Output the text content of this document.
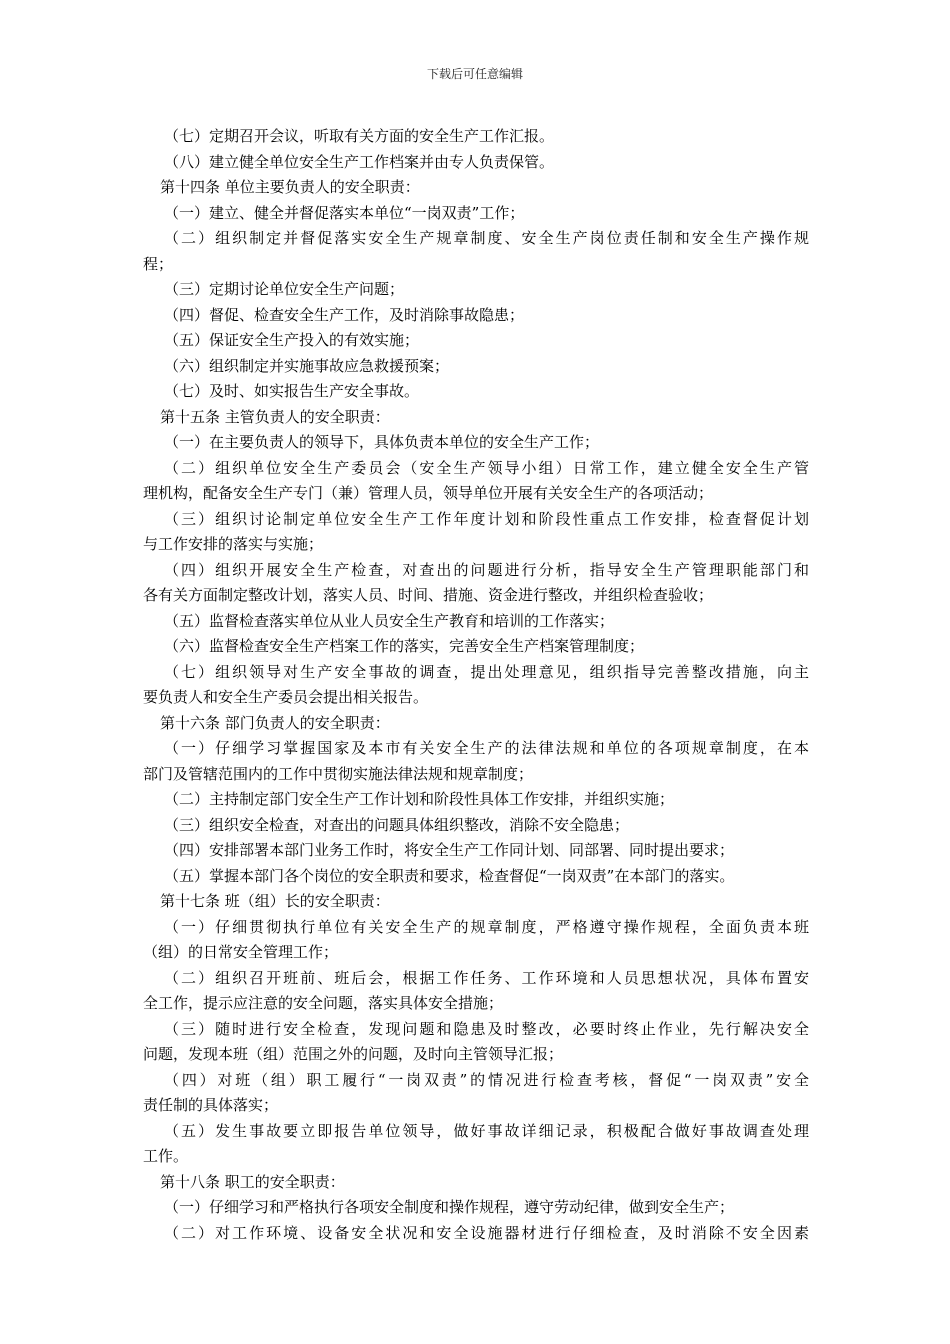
下载后可任意编辑
（七）定期召开会议，听取有关方面的安全生产工作汇报。
（八）建立健全单位安全生产工作档案并由专人负责保管。
第十四条 单位主要负责人的安全职责：
（一）建立、健全并督促落实本单位“一岗双责”工作；
（二）组织制定并督促落实安全生产规章制度、安全生产岗位责任制和安全生产操作规
程；
（三）定期讨论单位安全生产问题；
（四）督促、检查安全生产工作，及时消除事故隐患；
（五）保证安全生产投入的有效实施；
（六）组织制定并实施事故应急救援预案；
（七）及时、如实报告生产安全事故。
第十五条 主管负责人的安全职责：
（一）在主要负责人的领导下，具体负责本单位的安全生产工作；
（二）组织单位安全生产委员会（安全生产领导小组）日常工作，建立健全安全生产管
理机构，配备安全生产专门（兼）管理人员，领导单位开展有关安全生产的各项活动；
（三）组织讨论制定单位安全生产工作年度计划和阶段性重点工作安排，检查督促计划
与工作安排的落实与实施；
（四）组织开展安全生产检查，对查出的问题进行分析，指导安全生产管理职能部门和
各有关方面制定整改计划，落实人员、时间、措施、资金进行整改，并组织检查验收；
（五）监督检查落实单位从业人员安全生产教育和培训的工作落实；
（六）监督检查安全生产档案工作的落实，完善安全生产档案管理制度；
（七）组织领导对生产安全事故的调查，提出处理意见，组织指导完善整改措施，向主
要负责人和安全生产委员会提出相关报告。
第十六条 部门负责人的安全职责：
（一）仔细学习掌握国家及本市有关安全生产的法律法规和单位的各项规章制度，在本
部门及管辖范围内的工作中贯彻实施法律法规和规章制度；
（二）主持制定部门安全生产工作计划和阶段性具体工作安排，并组织实施；
（三）组织安全检查，对查出的问题具体组织整改，消除不安全隐患；
（四）安排部署本部门业务工作时，将安全生产工作同计划、同部署、同时提出要求；
（五）掌握本部门各个岗位的安全职责和要求，检查督促“一岗双责”在本部门的落实。
第十七条 班（组）长的安全职责：
（一）仔细贯彻执行单位有关安全生产的规章制度，严格遵守操作规程，全面负责本班
（组）的日常安全管理工作；
（二）组织召开班前、班后会，根据工作任务、工作环境和人员思想状况，具体布置安
全工作，提示应注意的安全问题，落实具体安全措施；
（三）随时进行安全检查，发现问题和隐患及时整改，必要时终止作业，先行解决安全
问题，发现本班（组）范围之外的问题，及时向主管领导汇报；
（四）对班（组）职工履行“一岗双责”的情况进行检查考核，督促“一岗双责”安全
责任制的具体落实；
（五）发生事故要立即报告单位领导，做好事故详细记录，积极配合做好事故调查处理
工作。
第十八条 职工的安全职责：
（一）仔细学习和严格执行各项安全制度和操作规程，遵守劳动纪律，做到安全生产；
（二）对工作环境、设备安全状况和安全设施器材进行仔细检查，及时消除不安全因素
